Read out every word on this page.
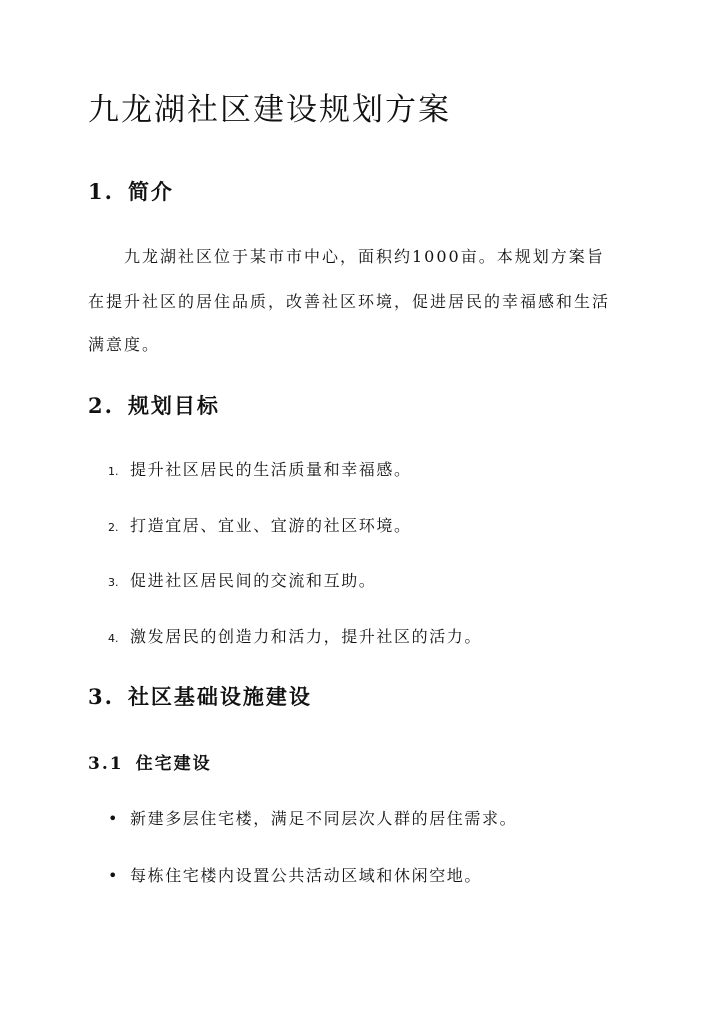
九龙湖社区建设规划方案
1. 简介
九龙湖社区位于某市市中心，面积约1000亩。本规划方案旨
在提升社区的居住品质，改善社区环境，促进居民的幸福感和生活
满意度。
2. 规划目标
1. 提升社区居民的生活质量和幸福感。
2. 打造宜居、宜业、宜游的社区环境。
3. 促进社区居民间的交流和互助。
4. 激发居民的创造力和活力，提升社区的活力。
3. 社区基础设施建设
3.1 住宅建设
• 新建多层住宅楼，满足不同层次人群的居住需求。
• 每栋住宅楼内设置公共活动区域和休闲空地。
